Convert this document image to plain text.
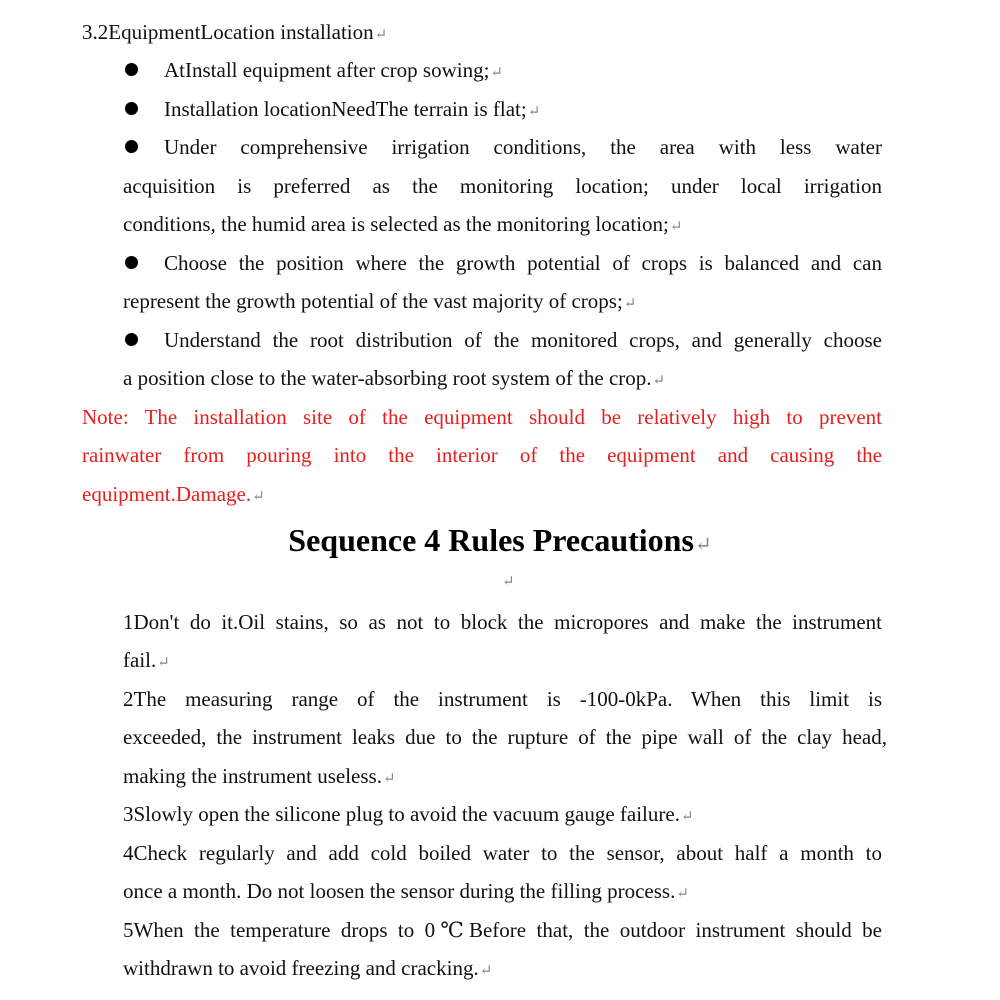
3.2EquipmentLocation installation↵
AtInstall equipment after crop sowing;↵
Installation locationNeedThe terrain is flat;↵
Under comprehensive irrigation conditions, the area with less water
acquisition is preferred as the monitoring location; under local irrigation
conditions, the humid area is selected as the monitoring location;↵
Choose the position where the growth potential of crops is balanced and can
represent the growth potential of the vast majority of crops;↵
Understand the root distribution of the monitored crops, and generally choose
a position close to the water-absorbing root system of the crop.↵
Note: The installation site of the equipment should be relatively high to prevent
rainwater from pouring into the interior of the equipment and causing the
equipment.Damage.↵
Sequence 4 Rules Precautions↵
↵
1Don't do it.Oil stains, so as not to block the micropores and make the instrument
fail.↵
2The measuring range of the instrument is -100-0kPa. When this limit is
exceeded, the instrument leaks due to the rupture of the pipe wall of the clay head,
making the instrument useless.↵
3Slowly open the silicone plug to avoid the vacuum gauge failure.↵
4Check regularly and add cold boiled water to the sensor, about half a month to
once a month. Do not loosen the sensor during the filling process.↵
5When the temperature drops to 0℃Before that, the outdoor instrument should be
withdrawn to avoid freezing and cracking.↵
